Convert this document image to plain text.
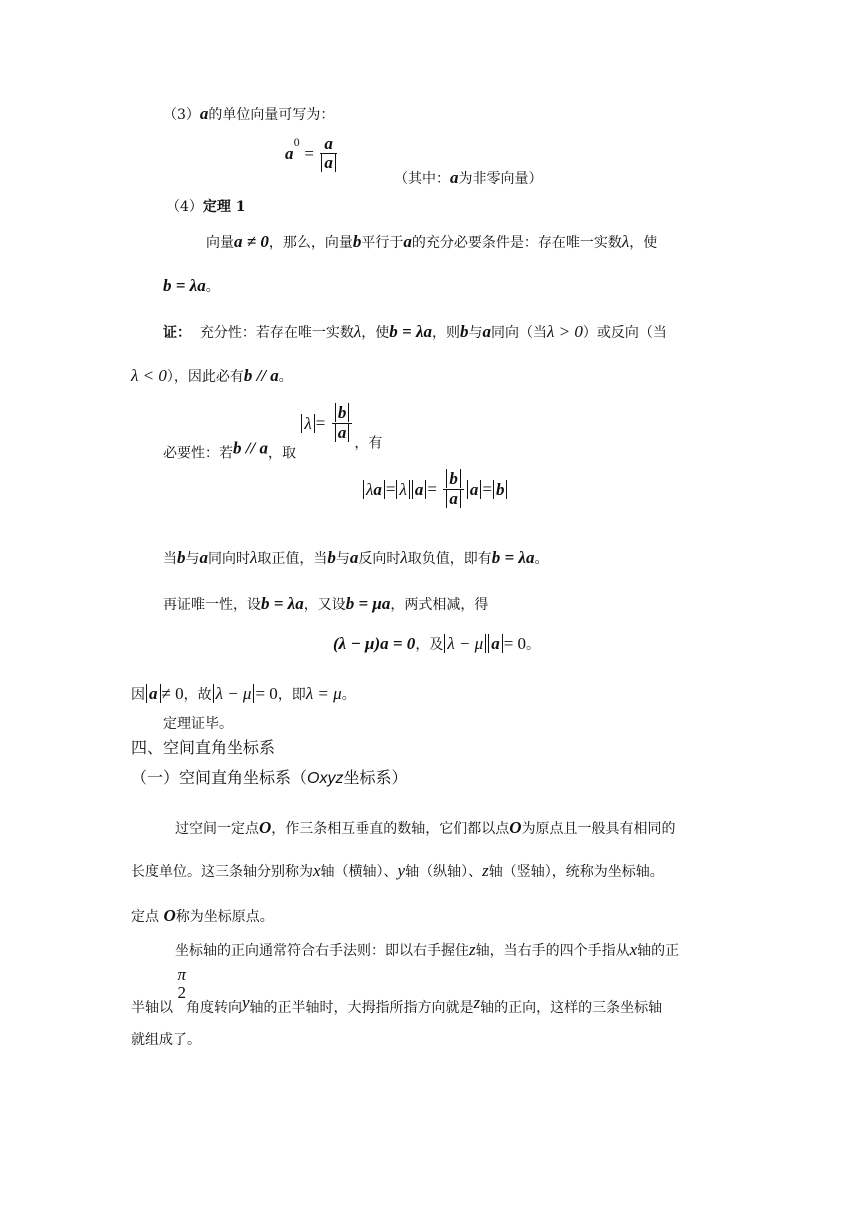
（3）a的单位向量可写为：
$a^0 = \frac{a}{a}$
（其中：a为非零向量）
（4）定理 1
向量a ≠ 0，那么，向量b平行于a的充分必要条件是：存在唯一实数λ，使
b = λa。
证： 充分性：若存在唯一实数λ，使b = λa，则b与a同向（当λ > 0）或反向（当
λ < 0），因此必有b // a。
必要性：若b // a，取 $\lambda = \frac{b}{a}$
，有
λa = λ $a = \frac{b}{a}$ a = b
当b与a同向时λ取正值，当b与a反向时λ取负值，即有b = λa。
再证唯一性，设b = λa，又设b = μa，两式相减，得
(λ − μ)a = 0，及 λ − μ a = 0。
因 a ≠ 0，故 λ − μ = 0，即λ = μ。
定理证毕。
四、空间直角坐标系
（一）空间直角坐标系（Oxyz坐标系）
过空间一定点O，作三条相互垂直的数轴，它们都以点O为原点且一般具有相同的
长度单位。这三条轴分别称为x轴（横轴）、y轴（纵轴）、z轴（竖轴），统称为坐标轴。
定点 O称为坐标原点。
坐标轴的正向通常符合右手法则：即以右手握住z轴，当右手的四个手指从x轴的正
半轴以
π
2
角度转向y轴的正半轴时，大拇指所指方向就是z轴的正向，这样的三条坐标轴
就组成了。
